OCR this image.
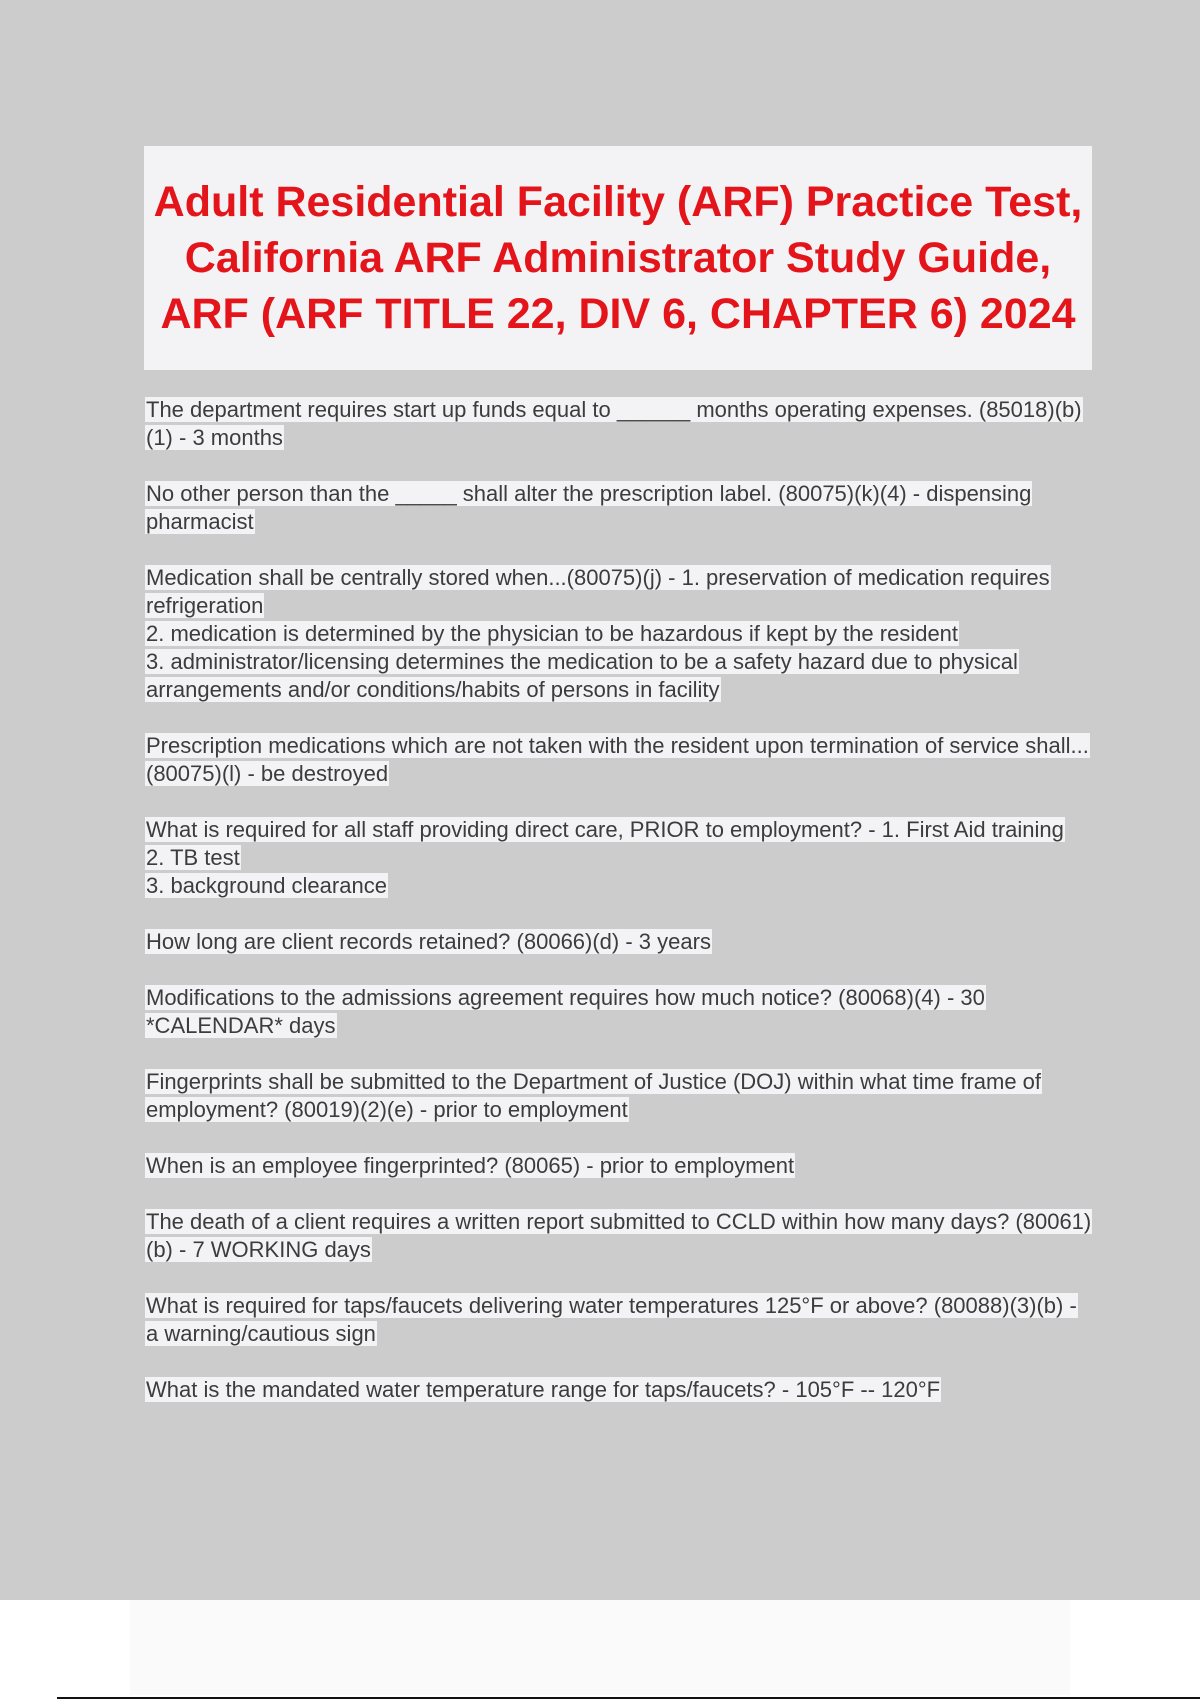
Adult Residential Facility (ARF) Practice Test, California ARF Administrator Study Guide, ARF (ARF TITLE 22, DIV 6, CHAPTER 6) 2024

The department requires start up funds equal to ______ months operating expenses. (85018)(b)(1) - 3 months

No other person than the _____ shall alter the prescription label. (80075)(k)(4) - dispensing pharmacist

Medication shall be centrally stored when...(80075)(j) - 1. preservation of medication requires refrigeration
2. medication is determined by the physician to be hazardous if kept by the resident
3. administrator/licensing determines the medication to be a safety hazard due to physical arrangements and/or conditions/habits of persons in facility

Prescription medications which are not taken with the resident upon termination of service shall...(80075)(l) - be destroyed

What is required for all staff providing direct care, PRIOR to employment? - 1. First Aid training
2. TB test
3. background clearance

How long are client records retained? (80066)(d) - 3 years

Modifications to the admissions agreement requires how much notice? (80068)(4) - 30 *CALENDAR* days

Fingerprints shall be submitted to the Department of Justice (DOJ) within what time frame of employment? (80019)(2)(e) - prior to employment

When is an employee fingerprinted? (80065) - prior to employment

The death of a client requires a written report submitted to CCLD within how many days? (80061)(b) - 7 WORKING days

What is required for taps/faucets delivering water temperatures 125°F or above? (80088)(3)(b) - a warning/cautious sign

What is the mandated water temperature range for taps/faucets? - 105°F -- 120°F
